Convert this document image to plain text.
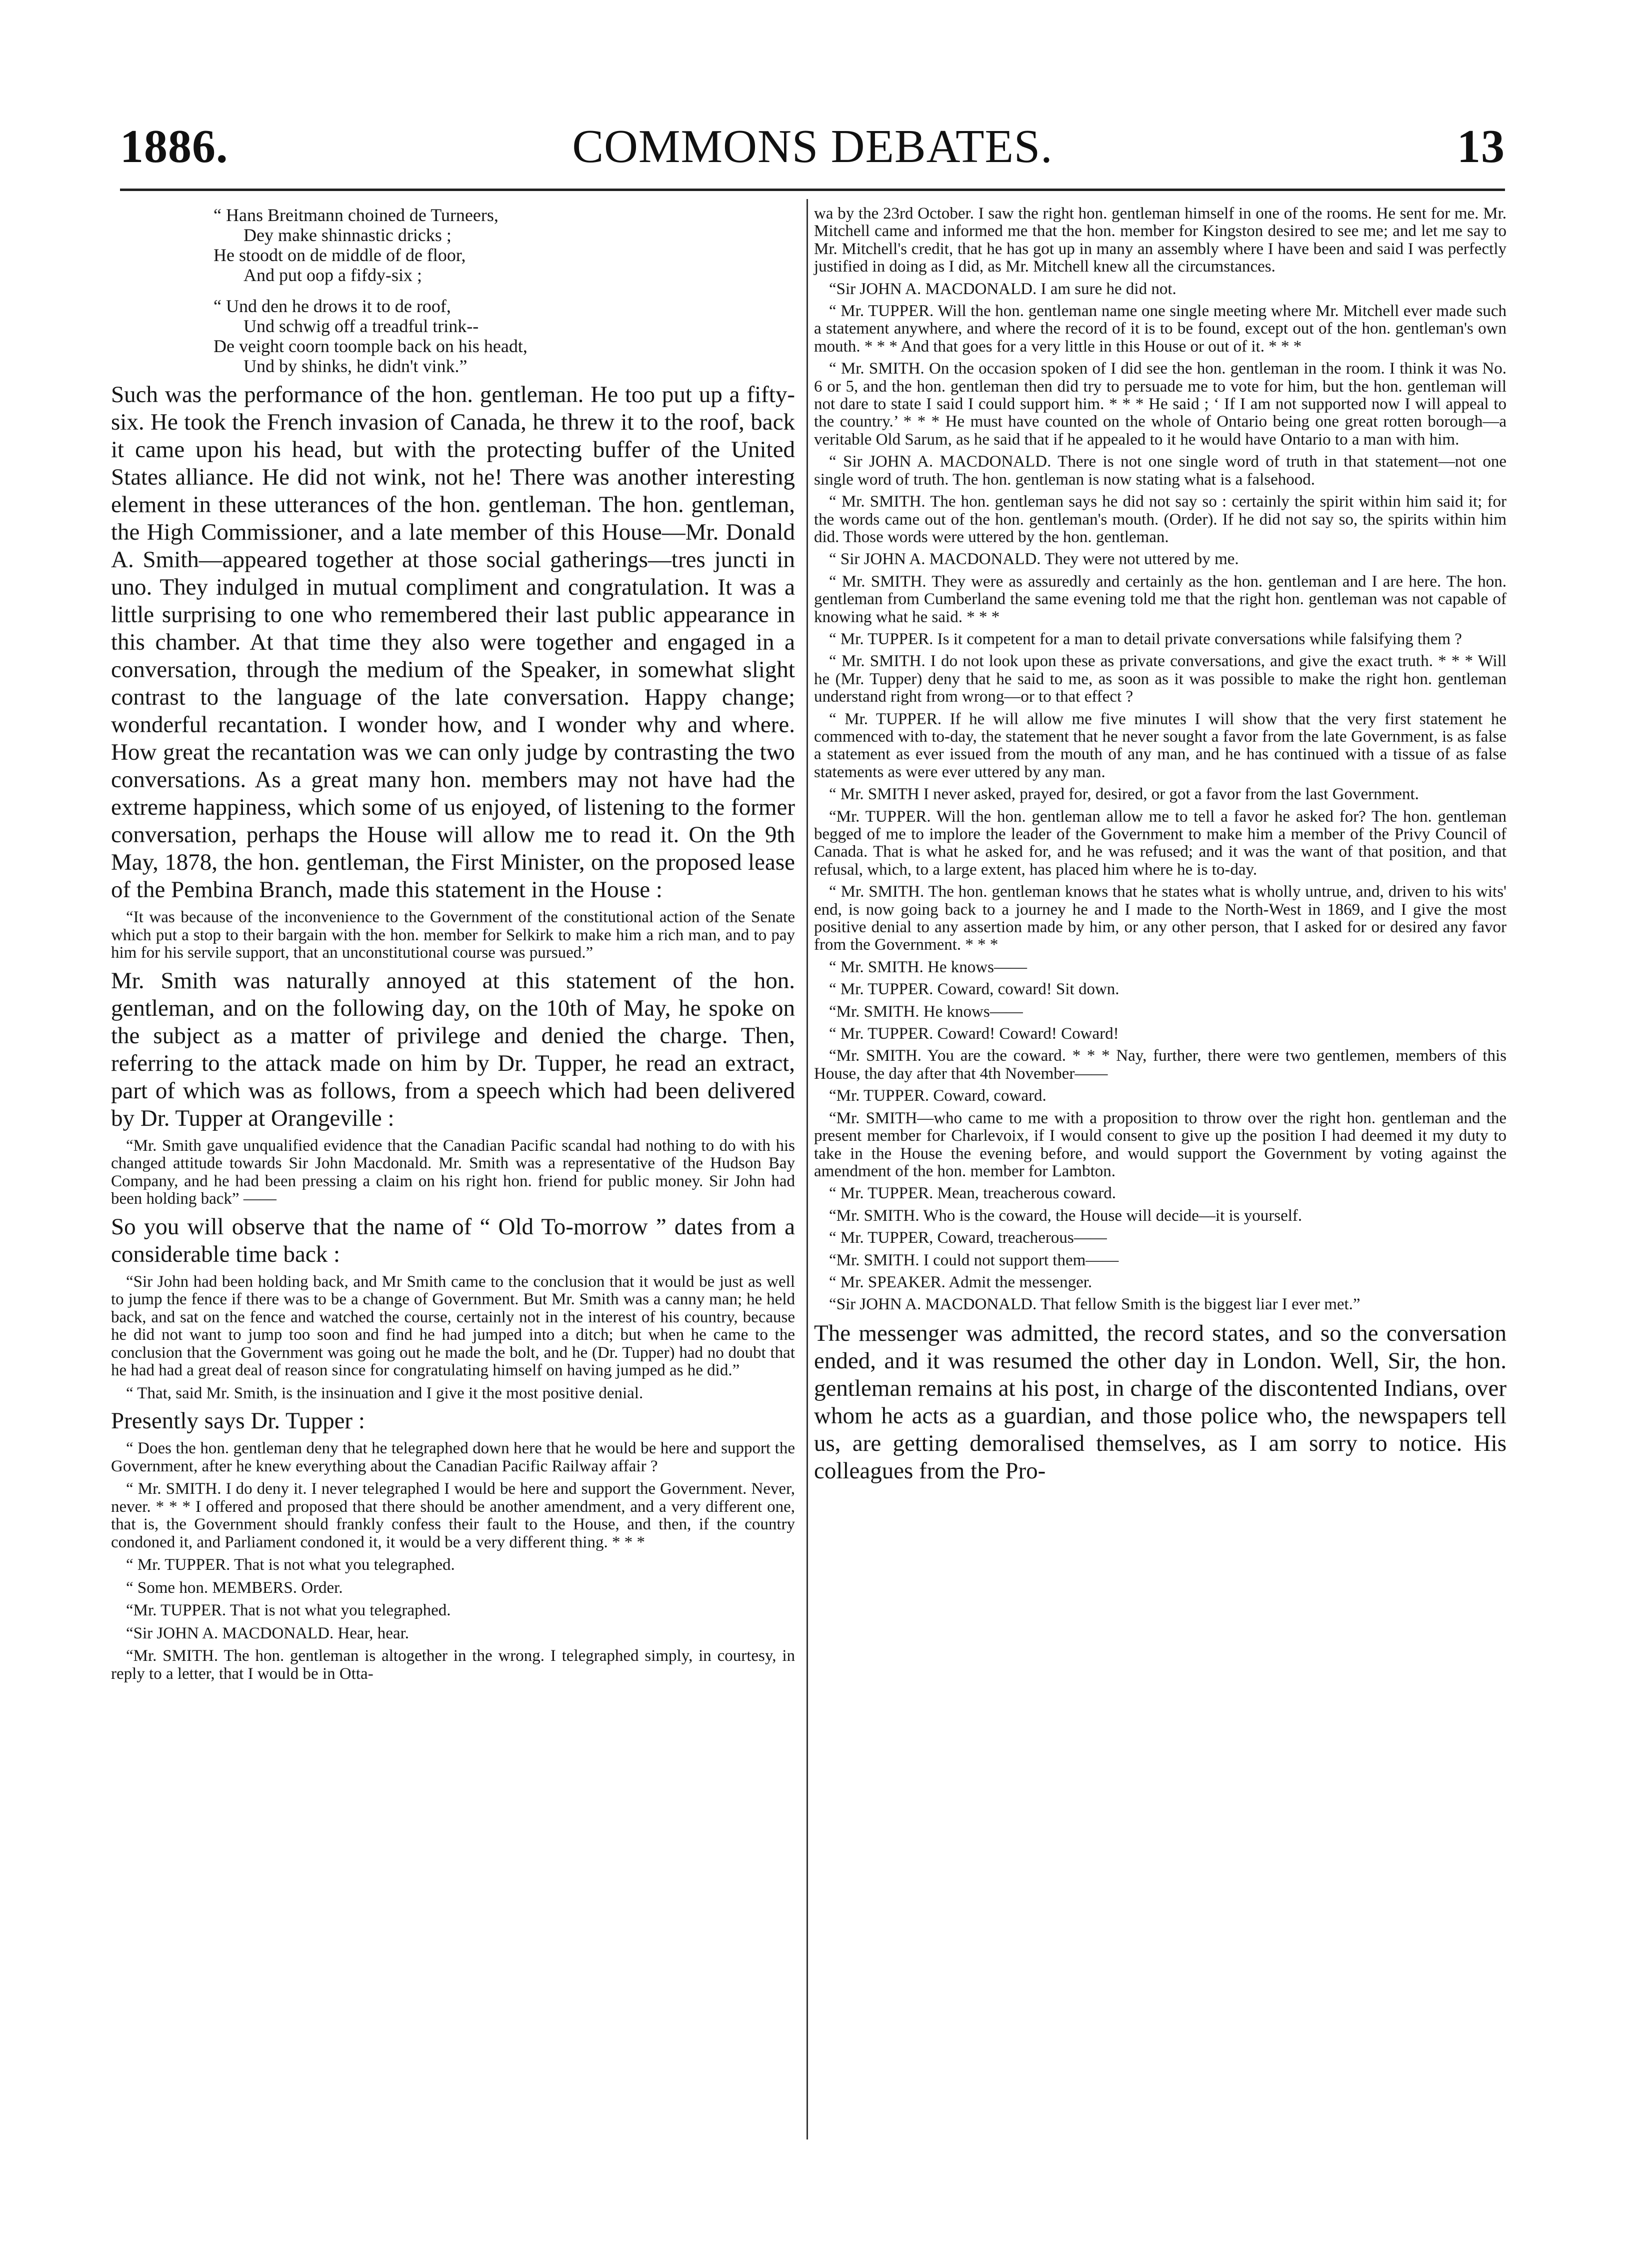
1886.	COMMONS DEBATES.	13
“ Hans Breitmann choined de Turneers,
Dey make shinnastic dricks ;
He stoodt on de middle of de floor,
And put oop a fifdy-six ;
“ Und den he drows it to de roof,
Und schwig off a treadful trink--
De veight coorn toomple back on his headt,
Und by shinks, he didn't vink.”
Such was the performance of the hon. gentleman. He too put up a fifty-six. He took the French invasion of Canada, he threw it to the roof, back it came upon his head, but with the protecting buffer of the United States alliance. He did not wink, not he! There was another interesting element in these utterances of the hon. gentleman. The hon. gentleman, the High Commissioner, and a late member of this House—Mr. Donald A. Smith—appeared together at those social gatherings—tres juncti in uno. They indulged in mutual compliment and congratulation. It was a little surprising to one who remembered their last public appearance in this chamber. At that time they also were together and engaged in a conversation, through the medium of the Speaker, in somewhat slight contrast to the language of the late conversation. Happy change; wonderful recantation. I wonder how, and I wonder why and where. How great the recantation was we can only judge by contrasting the two conversations. As a great many hon. members may not have had the extreme happiness, which some of us enjoyed, of listening to the former conversation, perhaps the House will allow me to read it. On the 9th May, 1878, the hon. gentleman, the First Minister, on the proposed lease of the Pembina Branch, made this statement in the House :
“It was because of the inconvenience to the Government of the constitutional action of the Senate which put a stop to their bargain with the hon. member for Selkirk to make him a rich man, and to pay him for his servile support, that an unconstitutional course was pursued.”
Mr. Smith was naturally annoyed at this statement of the hon. gentleman, and on the following day, on the 10th of May, he spoke on the subject as a matter of privilege and denied the charge. Then, referring to the attack made on him by Dr. Tupper, he read an extract, part of which was as follows, from a speech which had been delivered by Dr. Tupper at Orangeville :
“Mr. Smith gave unqualified evidence that the Canadian Pacific scandal had nothing to do with his changed attitude towards Sir John Macdonald. Mr. Smith was a representative of the Hudson Bay Company, and he had been pressing a claim on his right hon. friend for public money. Sir John had been holding back” ——
So you will observe that the name of “ Old To-morrow ” dates from a considerable time back :
“Sir John had been holding back, and Mr Smith came to the conclusion that it would be just as well to jump the fence if there was to be a change of Government. But Mr. Smith was a canny man; he held back, and sat on the fence and watched the course, certainly not in the interest of his country, because he did not want to jump too soon and find he had jumped into a ditch; but when he came to the conclusion that the Government was going out he made the bolt, and he (Dr. Tupper) had no doubt that he had had a great deal of reason since for congratulating himself on having jumped as he did.”
“ That, said Mr. Smith, is the insinuation and I give it the most positive denial.
Presently says Dr. Tupper :
“ Does the hon. gentleman deny that he telegraphed down here that he would be here and support the Government, after he knew everything about the Canadian Pacific Railway affair ?
“ Mr. SMITH. I do deny it. I never telegraphed I would be here and support the Government. Never, never. * * * I offered and proposed that there should be another amendment, and a very different one, that is, the Government should frankly confess their fault to the House, and then, if the country condoned it, and Parliament condoned it, it would be a very different thing. * * *
“ Mr. TUPPER. That is not what you telegraphed.
“ Some hon. MEMBERS. Order.
“Mr. TUPPER. That is not what you telegraphed.
“Sir JOHN A. MACDONALD. Hear, hear.
“Mr. SMITH. The hon. gentleman is altogether in the wrong. I telegraphed simply, in courtesy, in reply to a letter, that I would be in Otta-
wa by the 23rd October. I saw the right hon. gentleman himself in one of the rooms. He sent for me. Mr. Mitchell came and informed me that the hon. member for Kingston desired to see me; and let me say to Mr. Mitchell's credit, that he has got up in many an assembly where I have been and said I was perfectly justified in doing as I did, as Mr. Mitchell knew all the circumstances.
“Sir JOHN A. MACDONALD. I am sure he did not.
“ Mr. TUPPER. Will the hon. gentleman name one single meeting where Mr. Mitchell ever made such a statement anywhere, and where the record of it is to be found, except out of the hon. gentleman's own mouth. * * * And that goes for a very little in this House or out of it. * * *
“ Mr. SMITH. On the occasion spoken of I did see the hon. gentleman in the room. I think it was No. 6 or 5, and the hon. gentleman then did try to persuade me to vote for him, but the hon. gentleman will not dare to state I said I could support him. * * * He said ; ‘ If I am not supported now I will appeal to the country.’ * * * He must have counted on the whole of Ontario being one great rotten borough—a veritable Old Sarum, as he said that if he appealed to it he would have Ontario to a man with him.
“ Sir JOHN A. MACDONALD. There is not one single word of truth in that statement—not one single word of truth. The hon. gentleman is now stating what is a falsehood.
“ Mr. SMITH. The hon. gentleman says he did not say so : certainly the spirit within him said it; for the words came out of the hon. gentleman's mouth. (Order). If he did not say so, the spirits within him did. Those words were uttered by the hon. gentleman.
“ Sir JOHN A. MACDONALD. They were not uttered by me.
“ Mr. SMITH. They were as assuredly and certainly as the hon. gentleman and I are here. The hon. gentleman from Cumberland the same evening told me that the right hon. gentleman was not capable of knowing what he said. * * *
“ Mr. TUPPER. Is it competent for a man to detail private conversations while falsifying them ?
“ Mr. SMITH. I do not look upon these as private conversations, and give the exact truth. * * * Will he (Mr. Tupper) deny that he said to me, as soon as it was possible to make the right hon. gentleman understand right from wrong—or to that effect ?
“ Mr. TUPPER. If he will allow me five minutes I will show that the very first statement he commenced with to-day, the statement that he never sought a favor from the late Government, is as false a statement as ever issued from the mouth of any man, and he has continued with a tissue of as false statements as were ever uttered by any man.
“ Mr. SMITH I never asked, prayed for, desired, or got a favor from the last Government.
“Mr. TUPPER. Will the hon. gentleman allow me to tell a favor he asked for? The hon. gentleman begged of me to implore the leader of the Government to make him a member of the Privy Council of Canada. That is what he asked for, and he was refused; and it was the want of that position, and that refusal, which, to a large extent, has placed him where he is to-day.
“ Mr. SMITH. The hon. gentleman knows that he states what is wholly untrue, and, driven to his wits' end, is now going back to a journey he and I made to the North-West in 1869, and I give the most positive denial to any assertion made by him, or any other person, that I asked for or desired any favor from the Government. * * *
“ Mr. SMITH. He knows——
“ Mr. TUPPER. Coward, coward! Sit down.
“Mr. SMITH. He knows——
“ Mr. TUPPER. Coward! Coward! Coward!
“Mr. SMITH. You are the coward. * * * Nay, further, there were two gentlemen, members of this House, the day after that 4th November——
“Mr. TUPPER. Coward, coward.
“Mr. SMITH—who came to me with a proposition to throw over the right hon. gentleman and the present member for Charlevoix, if I would consent to give up the position I had deemed it my duty to take in the House the evening before, and would support the Government by voting against the amendment of the hon. member for Lambton.
“ Mr. TUPPER. Mean, treacherous coward.
“Mr. SMITH. Who is the coward, the House will decide—it is yourself.
“ Mr. TUPPER, Coward, treacherous——
“Mr. SMITH. I could not support them——
“ Mr. SPEAKER. Admit the messenger.
“Sir JOHN A. MACDONALD. That fellow Smith is the biggest liar I ever met.”
The messenger was admitted, the record states, and so the conversation ended, and it was resumed the other day in London. Well, Sir, the hon. gentleman remains at his post, in charge of the discontented Indians, over whom he acts as a guardian, and those police who, the newspapers tell us, are getting demoralised themselves, as I am sorry to notice. His colleagues from the Pro-
